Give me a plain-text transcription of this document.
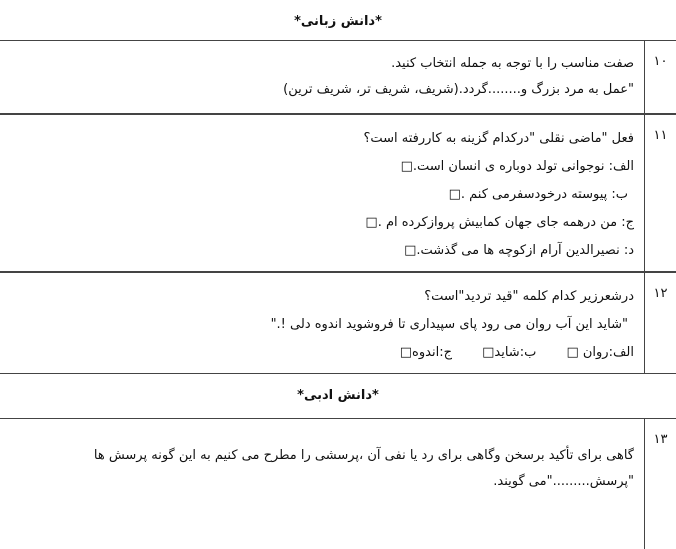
*دانش زبانی*
۱۰
صفت مناسب را با توجه به جمله انتخاب کنید.
"عمل به مرد بزرگ و........گردد.(شریف، شریف تر، شریف ترین)
۱۱
فعل "ماضی نقلی "درکدام گزینه به کاررفته است؟
الف: نوجوانی تولد دوباره ی انسان است.□
ب: پیوسته درخودسفرمی کنم .□
ج: من درهمه جای جهان کمابیش پروازکرده ام .□
د: نصیرالدین آرام ازکوچه ها می گذشت.□
۱۲
درشعرزیر کدام کلمه "قید تردید"است؟
"شاید این آب روان می رود پای سپیداری تا فروشوید اندوه دلی !."
الف:روان □ ب:شاید□ ج:اندوه□
*دانش ادبی*
۱۳
گاهی برای تأکید برسخن وگاهی برای رد یا نفی آن ،پرسشی را مطرح می کنیم به این گونه پرسش ها
"پرسش........."می گویند.
